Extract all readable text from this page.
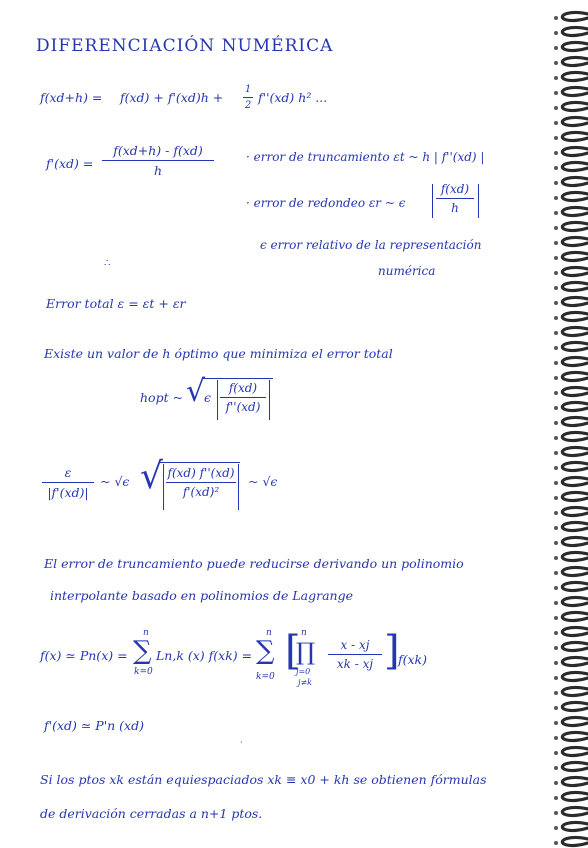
DIFERENCIACIÓN NUMÉRICA
f(xd+h) = f(xd) + f'(xd)h +
1
2
f''(xd) h² ...
f'(xd) =
f(xd+h) - f(xd)
h
· error de truncamiento εt ~ h | f''(xd) |
· error de redondeo εr ~ ϵ
f(xd)
h
ϵ error relativo de la representación
numérica
∴
Error total ε = εt + εr
Existe un valor de h óptimo que minimiza el error total
hopt ~ √
ϵ
f(xd)
f''(xd)
ε
|f'(xd)|
~ √ϵ √ f(xd) f''(xd)
f'(xd)²
~ √ϵ
El error de truncamiento puede reducirse derivando un polinomio
interpolante basado en polinomios de Lagrange
f(x) ≃ Pn(x) =
n
∑
k=0
Ln,k (x) f(xk) =
n
∑
k=0
[ n
∏
j=0
j≠k
x - xj
xk - xj ]
f(xk)
f'(xd) ≃ P'n (xd)
·
Si los ptos xk están equiespaciados xk ≡ x0 + kh se obtienen fórmulas
de derivación cerradas a n+1 ptos.
